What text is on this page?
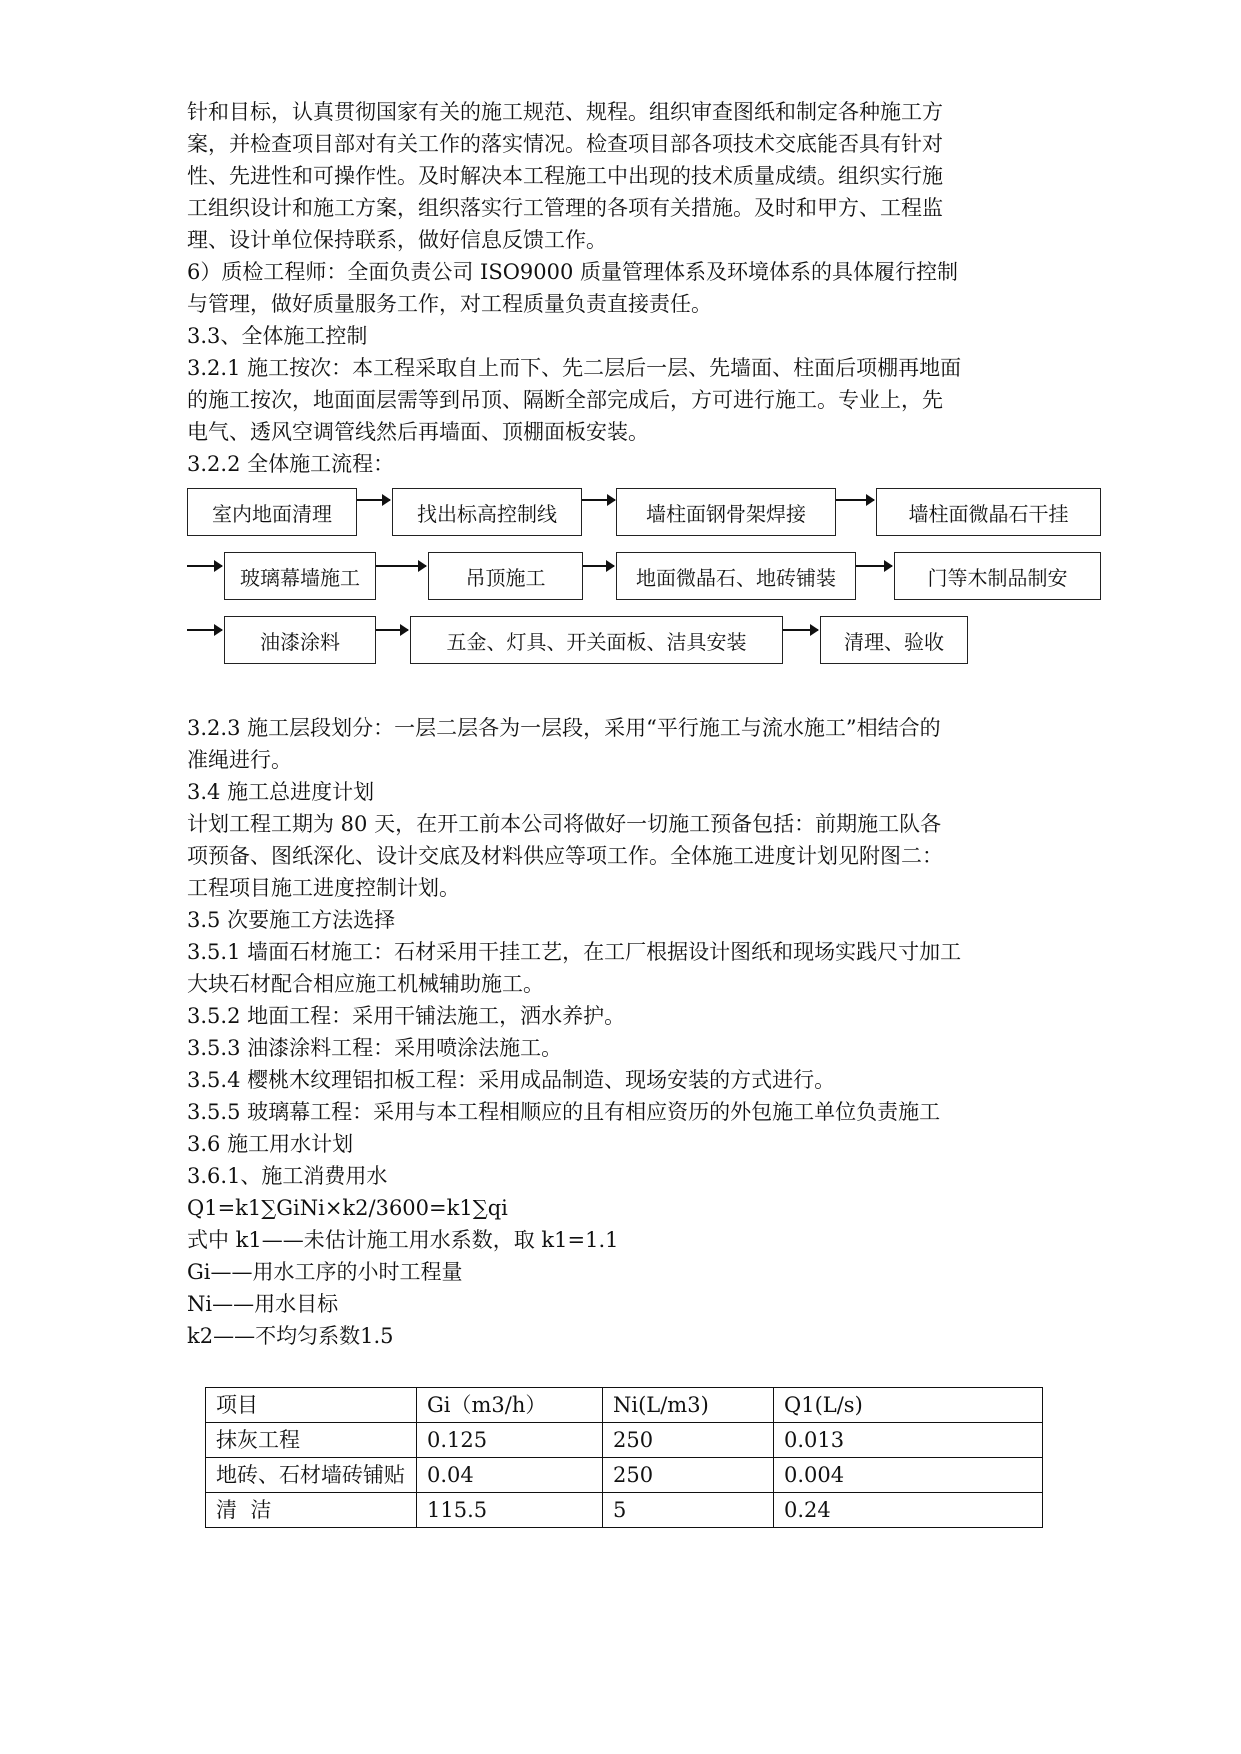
针和目标，认真贯彻国家有关的施工规范、规程。组织审查图纸和制定各种施工方
案，并检查项目部对有关工作的落实情况。检查项目部各项技术交底能否具有针对
性、先进性和可操作性。及时解决本工程施工中出现的技术质量成绩。组织实行施
工组织设计和施工方案，组织落实行工管理的各项有关措施。及时和甲方、工程监
理、设计单位保持联系，做好信息反馈工作。
6）质检工程师：全面负责公司 ISO9000 质量管理体系及环境体系的具体履行控制
与管理，做好质量服务工作，对工程质量负责直接责任。
3.3、全体施工控制
3.2.1 施工按次：本工程采取自上而下、先二层后一层、先墙面、柱面后项棚再地面
的施工按次，地面面层需等到吊顶、隔断全部完成后，方可进行施工。专业上，先
电气、透风空调管线然后再墙面、顶棚面板安装。
3.2.2 全体施工流程：
室内地面清理	找出标高控制线	墙柱面钢骨架焊接	墙柱面微晶石干挂
玻璃幕墙施工	吊顶施工	地面微晶石、地砖铺装	门等木制品制安
油漆涂料	五金、灯具、开关面板、洁具安装	清理、验收
3.2.3 施工层段划分：一层二层各为一层段，采用“平行施工与流水施工”相结合的
准绳进行。
3.4 施工总进度计划
计划工程工期为 80 天，在开工前本公司将做好一切施工预备包括：前期施工队各
项预备、图纸深化、设计交底及材料供应等项工作。全体施工进度计划见附图二：
工程项目施工进度控制计划。
3.5 次要施工方法选择
3.5.1 墙面石材施工：石材采用干挂工艺，在工厂根据设计图纸和现场实践尺寸加工
大块石材配合相应施工机械辅助施工。
3.5.2 地面工程：采用干铺法施工，洒水养护。
3.5.3 油漆涂料工程：采用喷涂法施工。
3.5.4 樱桃木纹理铝扣板工程：采用成品制造、现场安装的方式进行。
3.5.5 玻璃幕工程：采用与本工程相顺应的且有相应资历的外包施工单位负责施工
3.6 施工用水计划
3.6.1、施工消费用水
Q1=k1∑GiNi×k2/3600=k1∑qi
式中 k1——未估计施工用水系数，取 k1=1.1
Gi——用水工序的小时工程量
Ni——用水目标
k2——不均匀系数1.5
项目	Gi（m3/h）	Ni(L/m3)	Q1(L/s)
抹灰工程	0.125	250	0.013
地砖、石材墙砖铺贴	0.04	250	0.004
清  洁	115.5	5	0.24
